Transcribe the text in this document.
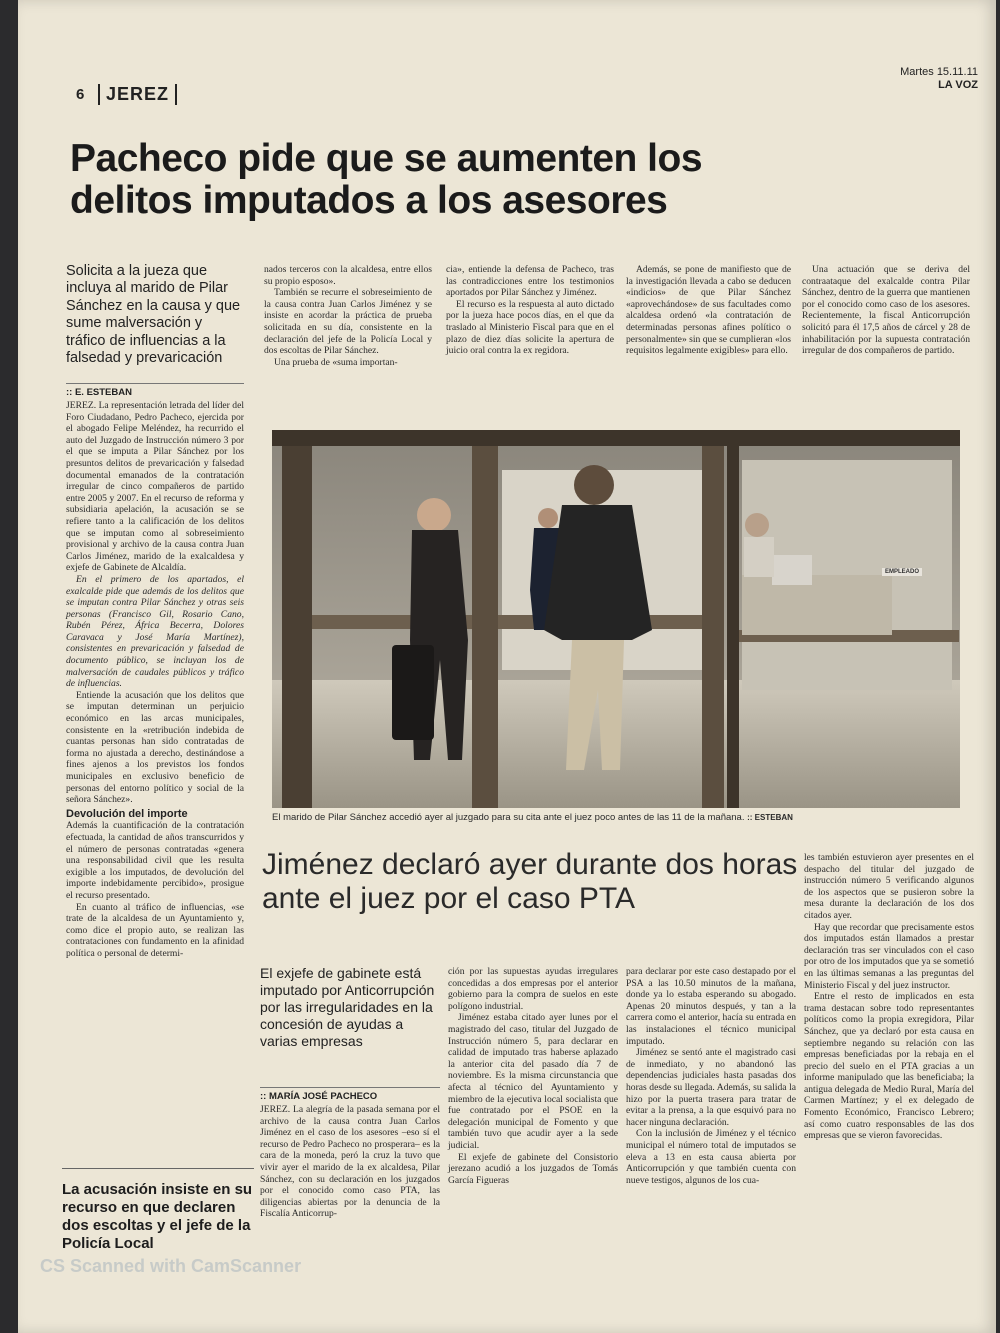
6	JEREZ
Martes 15.11.11
LA VOZ
Pacheco pide que se aumenten los delitos imputados a los asesores
Solicita a la jueza que incluya al marido de Pilar Sánchez en la causa y que sume malversación y tráfico de influencias a la falsedad y prevaricación
:: E. ESTEBAN

JEREZ. La representación letrada del líder del Foro Ciudadano, Pedro Pacheco, ejercida por el abogado Felipe Meléndez, ha recurrido el auto del Juzgado de Instrucción número 3 por el que se imputa a Pilar Sánchez por los presuntos delitos de prevaricación y falsedad documental emanados de la contratación irregular de cinco compañeros de partido entre 2005 y 2007. En el recurso de reforma y subsidiaria apelación, la acusación se se refiere tanto a la calificación de los delitos que se imputan como al sobreseimiento provisional y archivo de la causa contra Juan Carlos Jiménez, marido de la exalcaldesa y exjefe de Gabinete de Alcaldía.

En el primero de los apartados, el exalcalde pide que además de los delitos que se imputan contra Pilar Sánchez y otras seis personas (Francisco Gil, Rosario Cano, Rubén Pérez, África Becerra, Dolores Caravaca y José María Martínez), consistentes en prevaricación y falsedad de documento público, se incluyan los de malversación de caudales públicos y tráfico de influencias.

Entiende la acusación que los delitos que se imputan determinan un perjuicio económico en las arcas municipales, consistente en la «retribución indebida de cuantas personas han sido contratadas de forma no ajustada a derecho, destinándose a fines ajenos a los previstos los fondos municipales en exclusivo beneficio de personas del entorno político y social de la señora Sánchez».

Devolución del importe

Además la cuantificación de la contratación efectuada, la cantidad de años transcurridos y el número de personas contratadas «genera una responsabilidad civil que les resulta exigible a los imputados, de devolución del importe indebidamente percibido», prosigue el recurso presentado.

En cuanto al tráfico de influencias, «se trate de la alcaldesa de un Ayuntamiento y, como dice el propio auto, se realizan las contrataciones con fundamento en la afinidad política o personal de determi-

nados terceros con la alcaldesa, entre ellos su propio esposo».

También se recurre el sobreseimiento de la causa contra Juan Carlos Jiménez y se insiste en acordar la práctica de prueba solicitada en su día, consistente en la declaración del jefe de la Policía Local y dos escoltas de Pilar Sánchez.

Una prueba de «suma importan-

cia», entiende la defensa de Pacheco, tras las contradicciones entre los testimonios aportados por Pilar Sánchez y Jiménez.

El recurso es la respuesta al auto dictado por la jueza hace pocos días, en el que da traslado al Ministerio Fiscal para que en el plazo de diez días solicite la apertura de juicio oral contra la ex regidora.

Además, se pone de manifiesto que de la investigación llevada a cabo se deducen «indicios» de que Pilar Sánchez «aprovechándose» de sus facultades como alcaldesa ordenó «la contratación de determinadas personas afines político o personalmente» sin que se cumplieran «los requisitos legalmente exigibles» para ello.

Una actuación que se deriva del contraataque del exalcalde contra Pilar Sánchez, dentro de la guerra que mantienen por el conocido como caso de los asesores. Recientemente, la fiscal Anticorrupción solicitó para él 17,5 años de cárcel y 28 de inhabilitación por la supuesta contratación irregular de dos compañeros de partido.

EMPLEADO
El marido de Pilar Sánchez accedió ayer al juzgado para su cita ante el juez poco antes de las 11 de la mañana. :: ESTEBAN
Jiménez declaró ayer durante dos horas ante el juez por el caso PTA
El exjefe de gabinete está imputado por Anticorrupción por las irregularidades en la concesión de ayudas a varias empresas
:: MARÍA JOSÉ PACHECO

JEREZ. La alegría de la pasada semana por el archivo de la causa contra Juan Carlos Jiménez en el caso de los asesores –eso sí el recurso de Pedro Pacheco no prosperara– es la cara de la moneda, peró la cruz la tuvo que vivir ayer el marido de la ex alcaldesa, Pilar Sánchez, con su declaración en los juzgados por el conocido como caso PTA, las diligencias abiertas por la denuncia de la Fiscalía Anticorrup-

ción por las supuestas ayudas irregulares concedidas a dos empresas por el anterior gobierno para la compra de suelos en este polígono industrial.

Jiménez estaba citado ayer lunes por el magistrado del caso, titular del Juzgado de Instrucción número 5, para declarar en calidad de imputado tras haberse aplazado la anterior cita del pasado día 7 de noviembre. Es la misma circunstancia que afecta al técnico del Ayuntamiento y miembro de la ejecutiva local socialista que fue contratado por el PSOE en la delegación municipal de Fomento y que también tuvo que acudir ayer a la sede judicial.

El exjefe de gabinete del Consistorio jerezano acudió a los juzgados de Tomás García Figueras

para declarar por este caso destapado por el PSA a las 10.50 minutos de la mañana, donde ya lo estaba esperando su abogado. Apenas 20 minutos después, y tan a la carrera como el anterior, hacía su entrada en las instalaciones el técnico municipal imputado.

Jiménez se sentó ante el magistrado casi de inmediato, y no abandonó las dependencias judiciales hasta pasadas dos horas desde su llegada. Además, su salida la hizo por la puerta trasera para tratar de evitar a la prensa, a la que esquivó para no hacer ninguna declaración.

Con la inclusión de Jiménez y el técnico municipal el número total de imputados se eleva a 13 en esta causa abierta por Anticorrupción y que también cuenta con nueve testigos, algunos de los cua-

les también estuvieron ayer presentes en el despacho del titular del juzgado de instrucción número 5 verificando algunos de los aspectos que se pusieron sobre la mesa durante la declaración de los dos citados ayer.

Hay que recordar que precisamente estos dos imputados están llamados a prestar declaración tras ser vinculados con el caso por otro de los imputados que ya se sometió en las últimas semanas a las preguntas del Ministerio Fiscal y del juez instructor.

Entre el resto de implicados en esta trama destacan sobre todo representantes políticos como la propia exregidora, Pilar Sánchez, que ya declaró por esta causa en septiembre negando su relación con las empresas beneficiadas por la rebaja en el precio del suelo en el PTA gracias a un informe manipulado que las beneficiaba; la antigua delegada de Medio Rural, María del Carmen Martínez; y el ex delegado de Fomento Económico, Francisco Lebrero; así como cuatro responsables de las dos empresas que se vieron favorecidas.

La acusación insiste en su recurso en que declaren dos escoltas y el jefe de la Policía Local
CS Scanned with CamScanner
